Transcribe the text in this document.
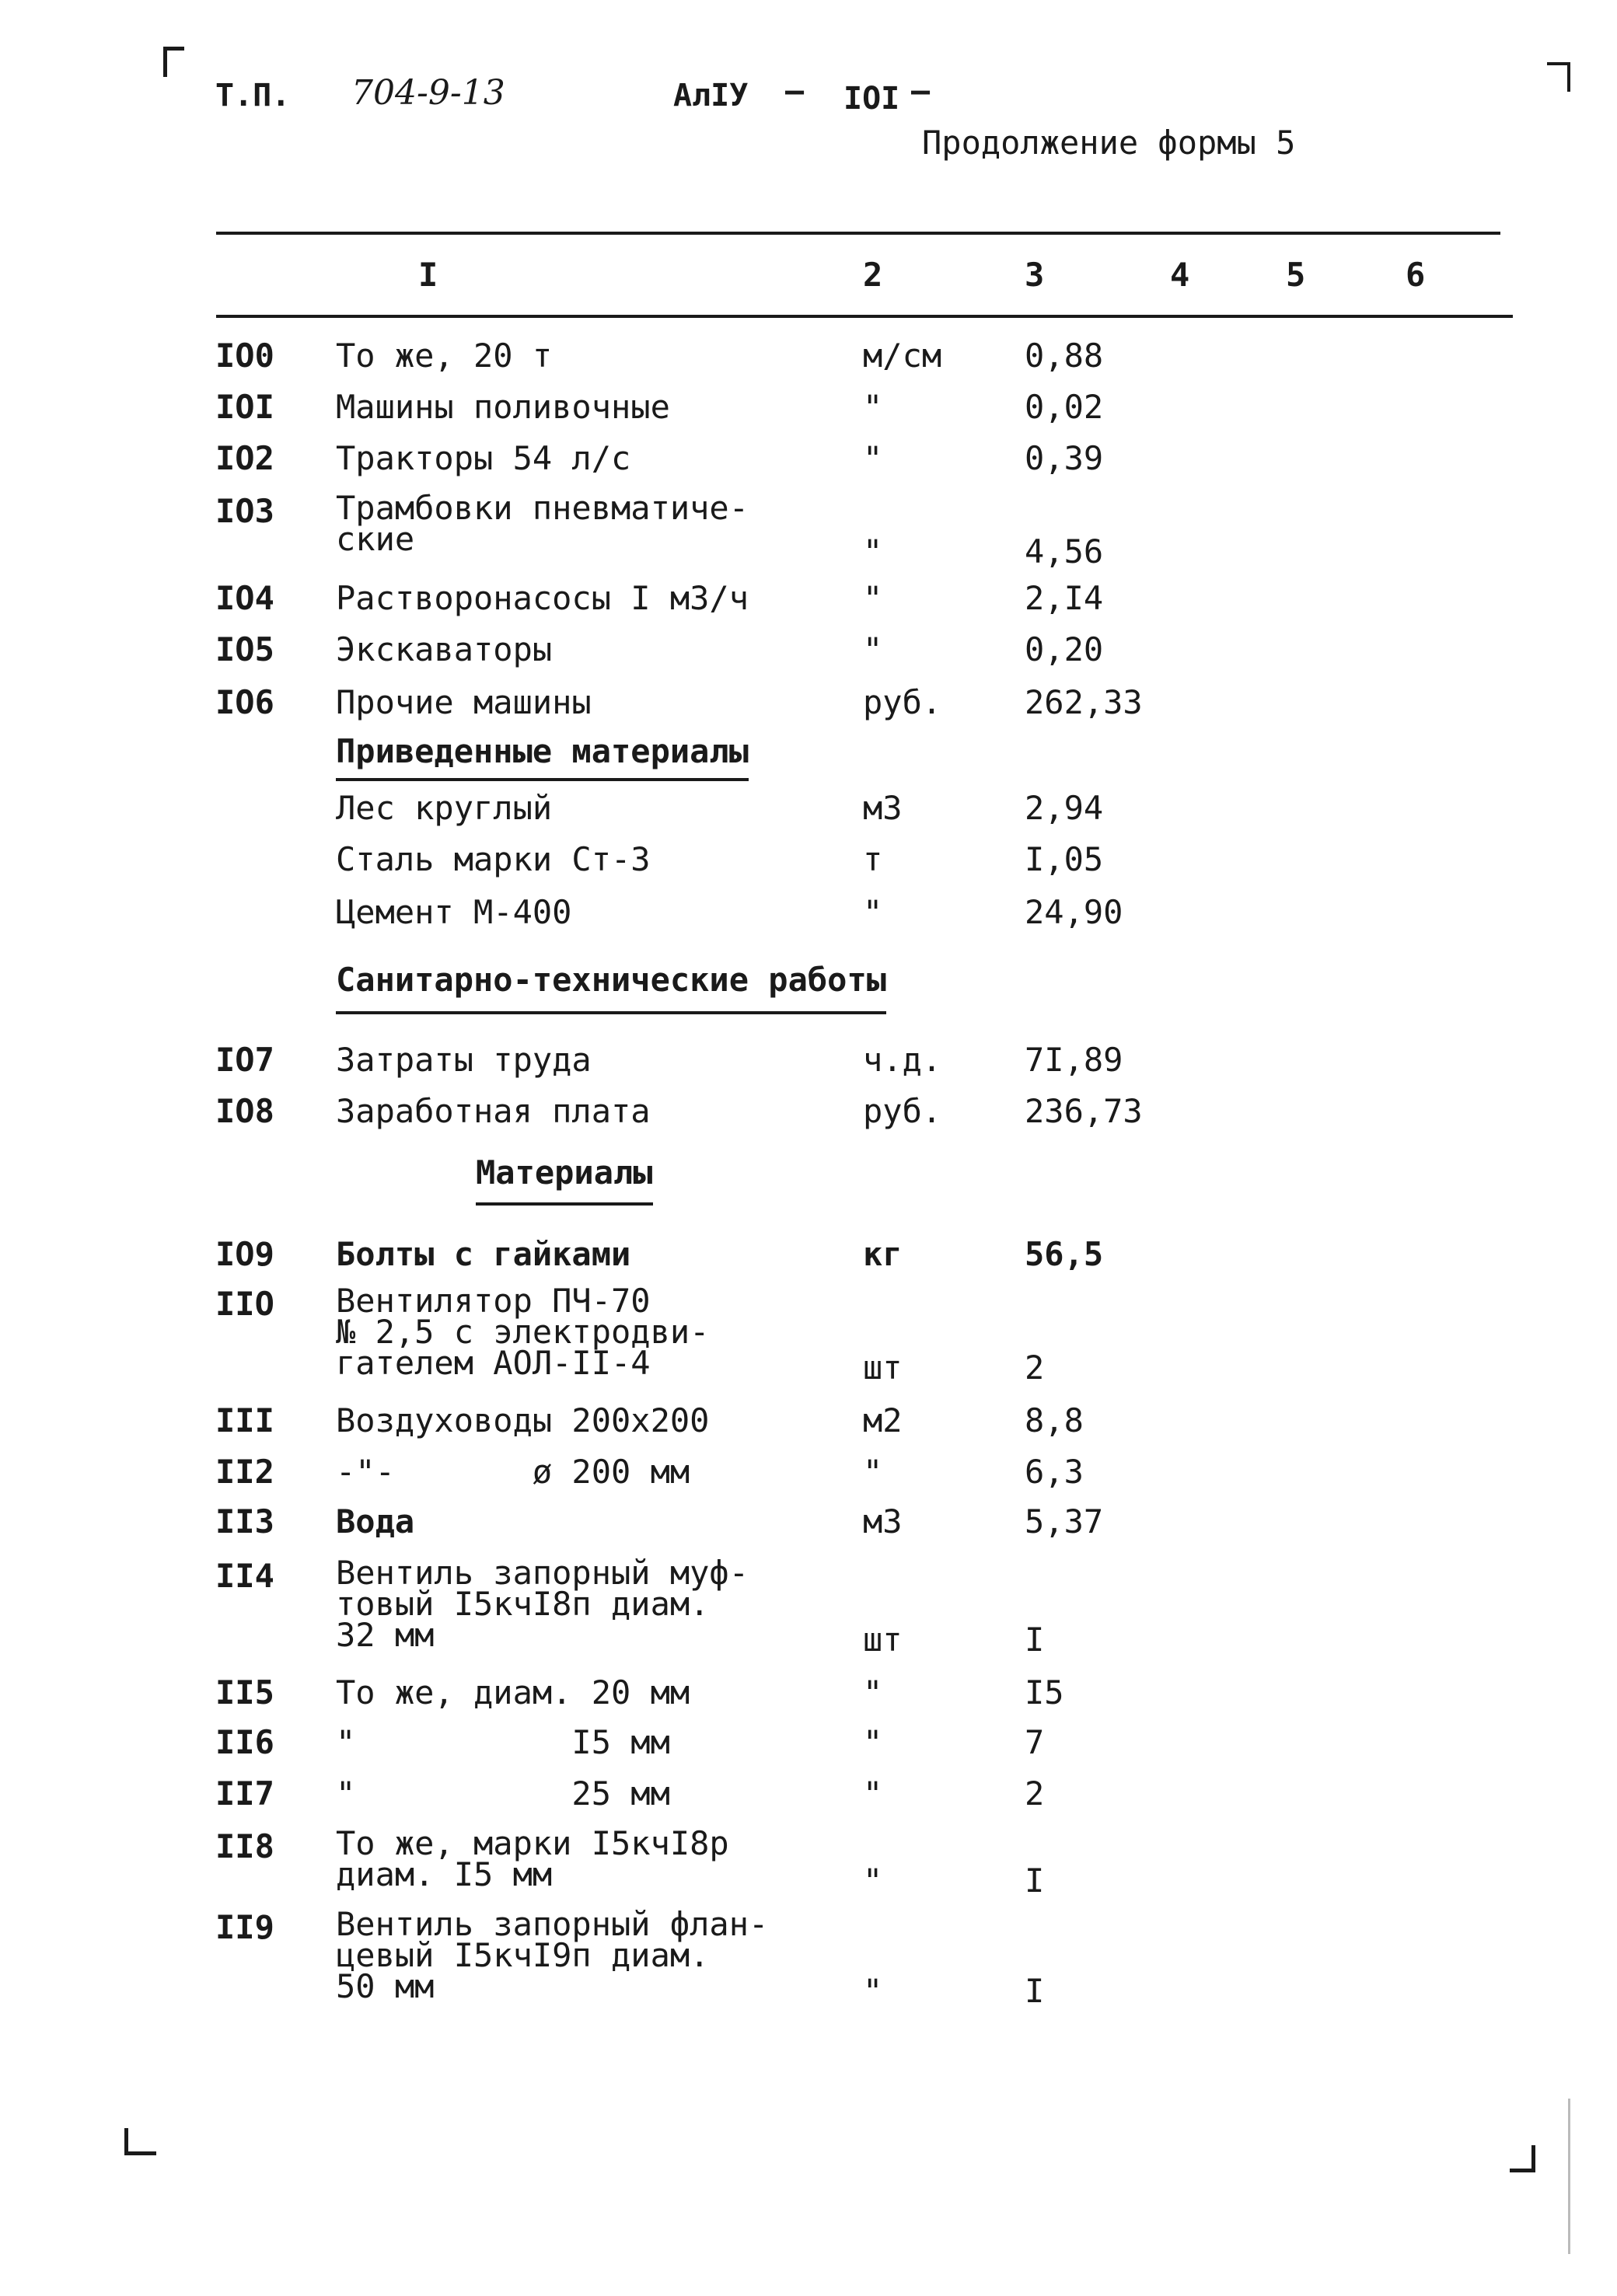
Т.П. 704-9-13	АлIУ – IOI –
Продолжение формы 5
I	2	3	4	5	6
IO0 То же, 20 т	м/см	0,88
IOI Машины поливочные	"	0,02
IO2 Тракторы 54 л/с	"	0,39
IO3 Трамбовки пневматиче-
ские	"	4,56
IO4 Растворонасосы I м3/ч	"	2,I4
IO5 Экскаваторы	"	0,20
IO6 Прочие машины	руб.	262,33
Приведенные материалы
Лес круглый	м3	2,94
Сталь марки Ст-3	т	I,05
Цемент М-400	"	24,90
Санитарно-технические работы
IO7 Затраты труда	ч.д.	7I,89
IO8 Заработная плата	руб.	236,73
Материалы
IO9 Болты с гайками	кг	56,5
IIO Вентилятор ПЧ-70
№ 2,5 с электродви-
гателем АОЛ-II-4	шт	2
III Воздуховоды 200х200	м2	8,8
II2 -"-       ø 200 мм	"	6,3
II3 Вода	м3	5,37
II4 Вентиль запорный муф-
товый I5кчI8п диам.
32 мм	шт	I
II5 То же, диам. 20 мм	"	I5
II6 "           I5 мм	"	7
II7 "           25 мм	"	2
II8 То же, марки I5кчI8р
диам. I5 мм	"	I
II9 Вентиль запорный флан-
цевый I5кчI9п диам.
50 мм	"	I
